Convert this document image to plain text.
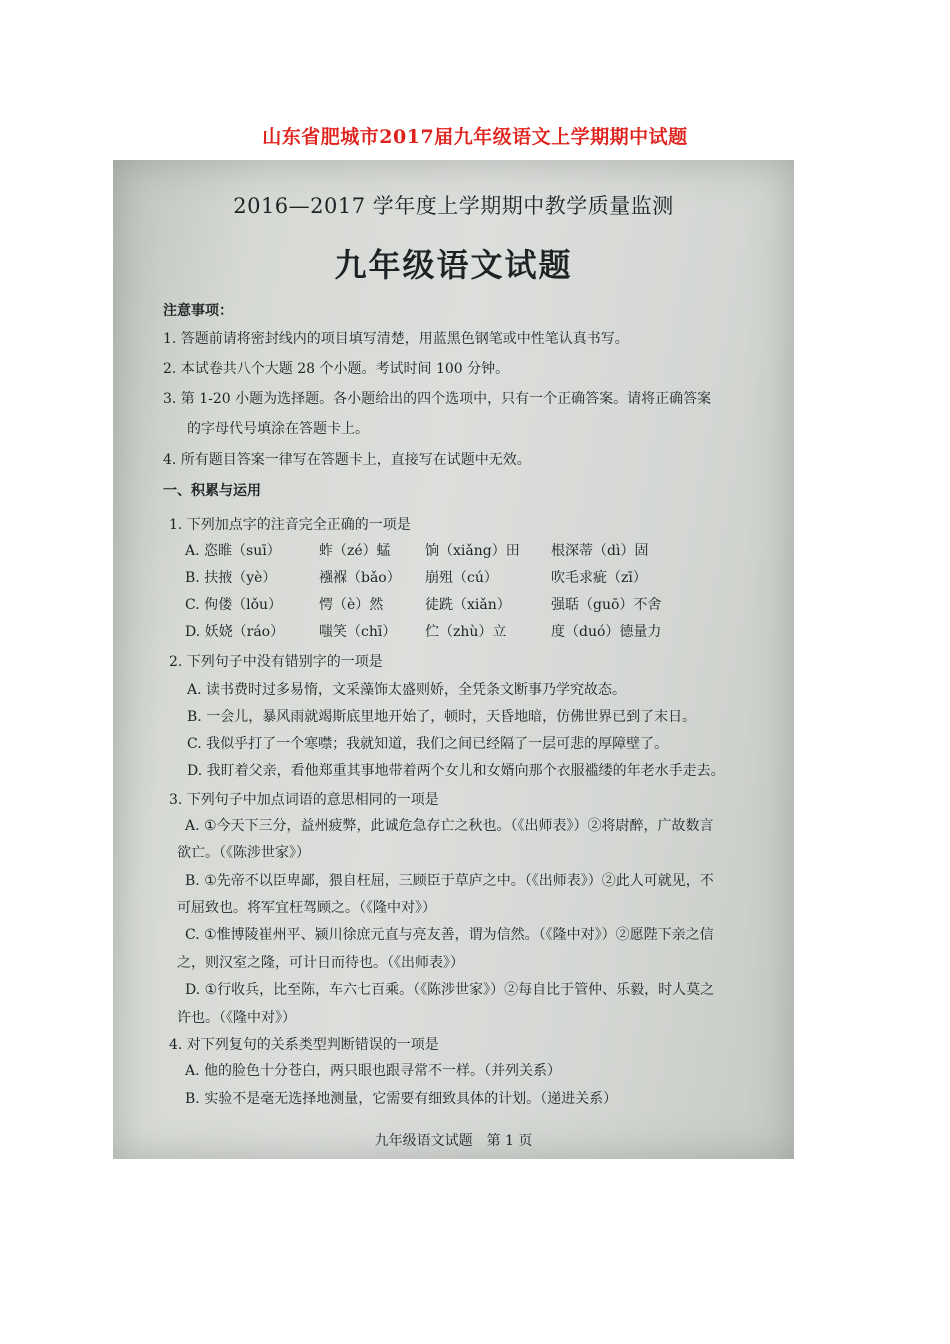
山东省肥城市2017届九年级语文上学期期中试题
2016—2017 学年度上学期期中教学质量监测
九年级语文试题
注意事项：
1. 答题前请将密封线内的项目填写清楚，用蓝黑色钢笔或中性笔认真书写。
2. 本试卷共八个大题 28 个小题。考试时间 100 分钟。
3. 第 1-20 小题为选择题。各小题给出的四个选项中，只有一个正确答案。请将正确答案
的字母代号填涂在答题卡上。
4. 所有题目答案一律写在答题卡上，直接写在试题中无效。
一、积累与运用
1. 下列加点字的注音完全正确的一项是
A. 恣睢（suī）	蚱（zé）蜢 饷（xiǎng）田 根深蒂（dì）固
B. 扶掖（yè）	襁褓（bǎo） 崩殂（cú）	吹毛求疵（zī）
C. 佝偻（lǒu）	愕（è）然	徒跣（xiǎn）	强聒（guō）不舍
D. 妖娆（ráo） 嗤笑（chī） 伫（zhù）立	度（duó）德量力
2. 下列句子中没有错别字的一项是
A. 读书费时过多易惰，文采藻饰太盛则娇，全凭条文断事乃学究故态。
B. 一会儿，暴风雨就竭斯底里地开始了，顿时，天昏地暗，仿佛世界已到了末日。
C. 我似乎打了一个寒噤；我就知道，我们之间已经隔了一层可悲的厚障壁了。
D. 我盯着父亲，看他郑重其事地带着两个女儿和女婿向那个衣服褴缕的年老水手走去。
3. 下列句子中加点词语的意思相同的一项是
A. ①今天下三分，益州疲弊，此诚危急存亡之秋也。（《出师表》）②将尉醉，广故数言
欲亡。（《陈涉世家》）
B. ①先帝不以臣卑鄙，猥自枉屈，三顾臣于草庐之中。（《出师表》）②此人可就见，不
可屈致也。将军宜枉驾顾之。（《隆中对》）
C. ①惟博陵崔州平、颍川徐庶元直与亮友善，谓为信然。（《隆中对》）②愿陛下亲之信
之，则汉室之隆，可计日而待也。（《出师表》）
D. ①行收兵，比至陈，车六七百乘。（《陈涉世家》）②每自比于管仲、乐毅，时人莫之
许也。（《隆中对》）
4. 对下列复句的关系类型判断错误的一项是
A. 他的脸色十分苍白，两只眼也跟寻常不一样。（并列关系）
B. 实验不是毫无选择地测量，它需要有细致具体的计划。（递进关系）
九年级语文试题　第 1 页
